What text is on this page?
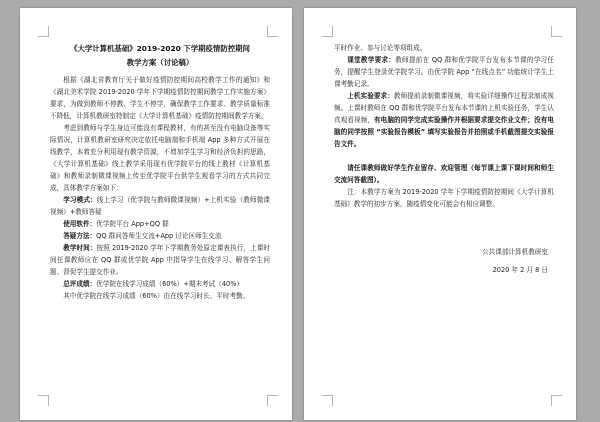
《大学计算机基础》2019-2020 下学期疫情防控期间
教学方案（讨论稿）

根据《湖北省教育厅关于做好疫情防控期间高校教学工作的通知》和《湖北美术学院 2019-2020 学年下学期疫情防控期间教学工作实施方案》要求，为做到教师不停教、学生不停学，确保教学工作要求、教学质量标准不降低，计算机教研室特制定《大学计算机基础》疫情防控期间教学方案。

考虑到教师与学生身边可能没有课程教材，有的甚至没有电脑设备等实际情况，计算机教研室研究决定依托电脑端和手机端 App 多种方式开展在线教学，本着充分利用现有教学资源，不增加学生学习和经济负担的思路，《大学计算机基础》线上教学采用现有优学院平台的线上教材《计算机基础》和教师录制微课视频上传至优学院平台供学生观看学习的方式共同完成，具体教学方案如下：

学习模式：线上学习（优学院与教师微课视频）+上机实验（教师微课视频）+教师答疑

使用软件：优学院平台 App+QQ 群

答疑方法：QQ 群问答师生交流+App 讨论区师生交流

教学时间：按照 2019-2020 学年下学期教务处原定课表执行，上课时间任课教师应在 QQ 群或优学院 App 中指导学生在线学习、解答学生问题、督促学生提交作业。

总评成绩：优学院在线学习成绩（60%）+期末考试（40%）

其中优学院在线学习成绩（60%）由在线学习时长、平时考勤、

平时作业、参与讨论等项组成。

课堂教学要求：教师提前在 QQ 群和优学院平台发布本节课的学习任务，提醒学生登录优学院学习。由优学院 App “在线点名” 功能统计学生上课考勤记录。

上机实验要求：教师提前录制微课视频，将实验详细操作过程录制成视频。上课时教师在 QQ 群和优学院平台发布本节课的上机实验任务，学生认真观看视频，有电脑的同学完成实验操作并根据要求提交作业文件；没有电脑的同学按照 “实验报告模板” 填写实验报告并拍照或手机截图提交实验报告文件。

请任课教师做好学生作业留存、欢迎管理（每节课上课下课时间和师生交流问答截图）。

注：本教学方案为 2019-2020 学年下学期疫情防控期间《大学计算机基础》教学的初步方案，随疫情变化可能会有相应调整。

公共课部计算机教研室

2020 年 2 月 8 日
